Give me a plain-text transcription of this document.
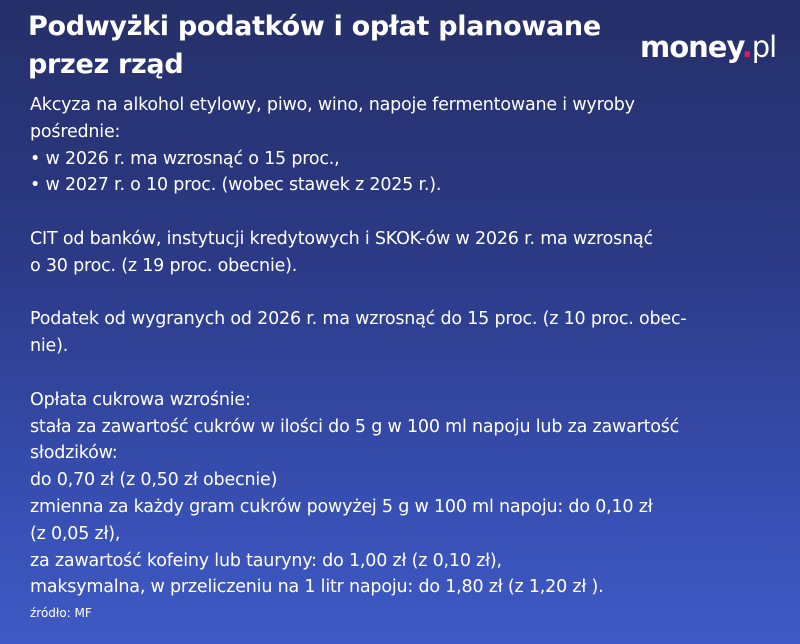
Podwyżki podatków i opłat planowane przez rząd
money.pl
Akcyza na alkohol etylowy, piwo, wino, napoje fermentowane i wyroby
pośrednie:
• w 2026 r. ma wzrosnąć o 15 proc.,
• w 2027 r. o 10 proc. (wobec stawek z 2025 r.).
CIT od banków, instytucji kredytowych i SKOK-ów w 2026 r. ma wzrosnąć
o 30 proc. (z 19 proc. obecnie).
Podatek od wygranych od 2026 r. ma wzrosnąć do 15 proc. (z 10 proc. obec-
nie).
Opłata cukrowa wzrośnie:
stała za zawartość cukrów w ilości do 5 g w 100 ml napoju lub za zawartość
słodzików:
do 0,70 zł (z 0,50 zł obecnie)
zmienna za każdy gram cukrów powyżej 5 g w 100 ml napoju: do 0,10 zł
(z 0,05 zł),
za zawartość kofeiny lub tauryny: do 1,00 zł (z 0,10 zł),
maksymalna, w przeliczeniu na 1 litr napoju: do 1,80 zł (z 1,20 zł ).
źródło: MF
